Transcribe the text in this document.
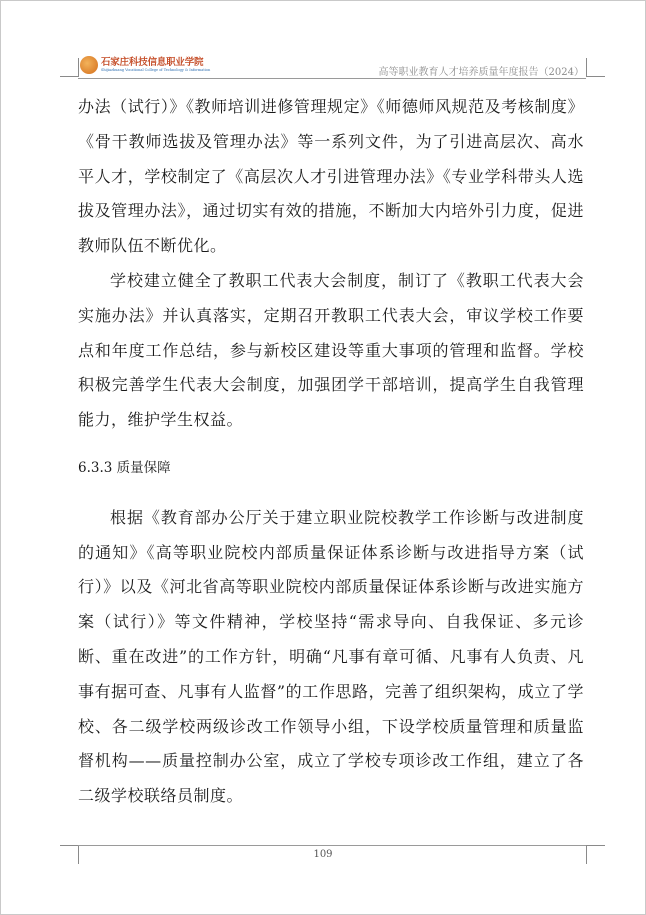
石家庄科技信息职业学院
Shijiazhuang Vocational College of Technology & Information	高等职业教育人才培养质量年度报告（2024）

办法（试行）》《教师培训进修管理规定》《师德师风规范及考核制度》《骨干教师选拔及管理办法》等一系列文件，为了引进高层次、高水平人才，学校制定了《高层次人才引进管理办法》《专业学科带头人选拔及管理办法》，通过切实有效的措施，不断加大内培外引力度，促进教师队伍不断优化。

学校建立健全了教职工代表大会制度，制订了《教职工代表大会实施办法》并认真落实，定期召开教职工代表大会，审议学校工作要点和年度工作总结，参与新校区建设等重大事项的管理和监督。学校积极完善学生代表大会制度，加强团学干部培训，提高学生自我管理能力，维护学生权益。

6.3.3 质量保障

根据《教育部办公厅关于建立职业院校教学工作诊断与改进制度的通知》《高等职业院校内部质量保证体系诊断与改进指导方案（试行）》以及《河北省高等职业院校内部质量保证体系诊断与改进实施方案（试行）》等文件精神，学校坚持“需求导向、自我保证、多元诊断、重在改进”的工作方针，明确“凡事有章可循、凡事有人负责、凡事有据可查、凡事有人监督”的工作思路，完善了组织架构，成立了学校、各二级学校两级诊改工作领导小组，下设学校质量管理和质量监督机构——质量控制办公室，成立了学校专项诊改工作组，建立了各二级学校联络员制度。

109
